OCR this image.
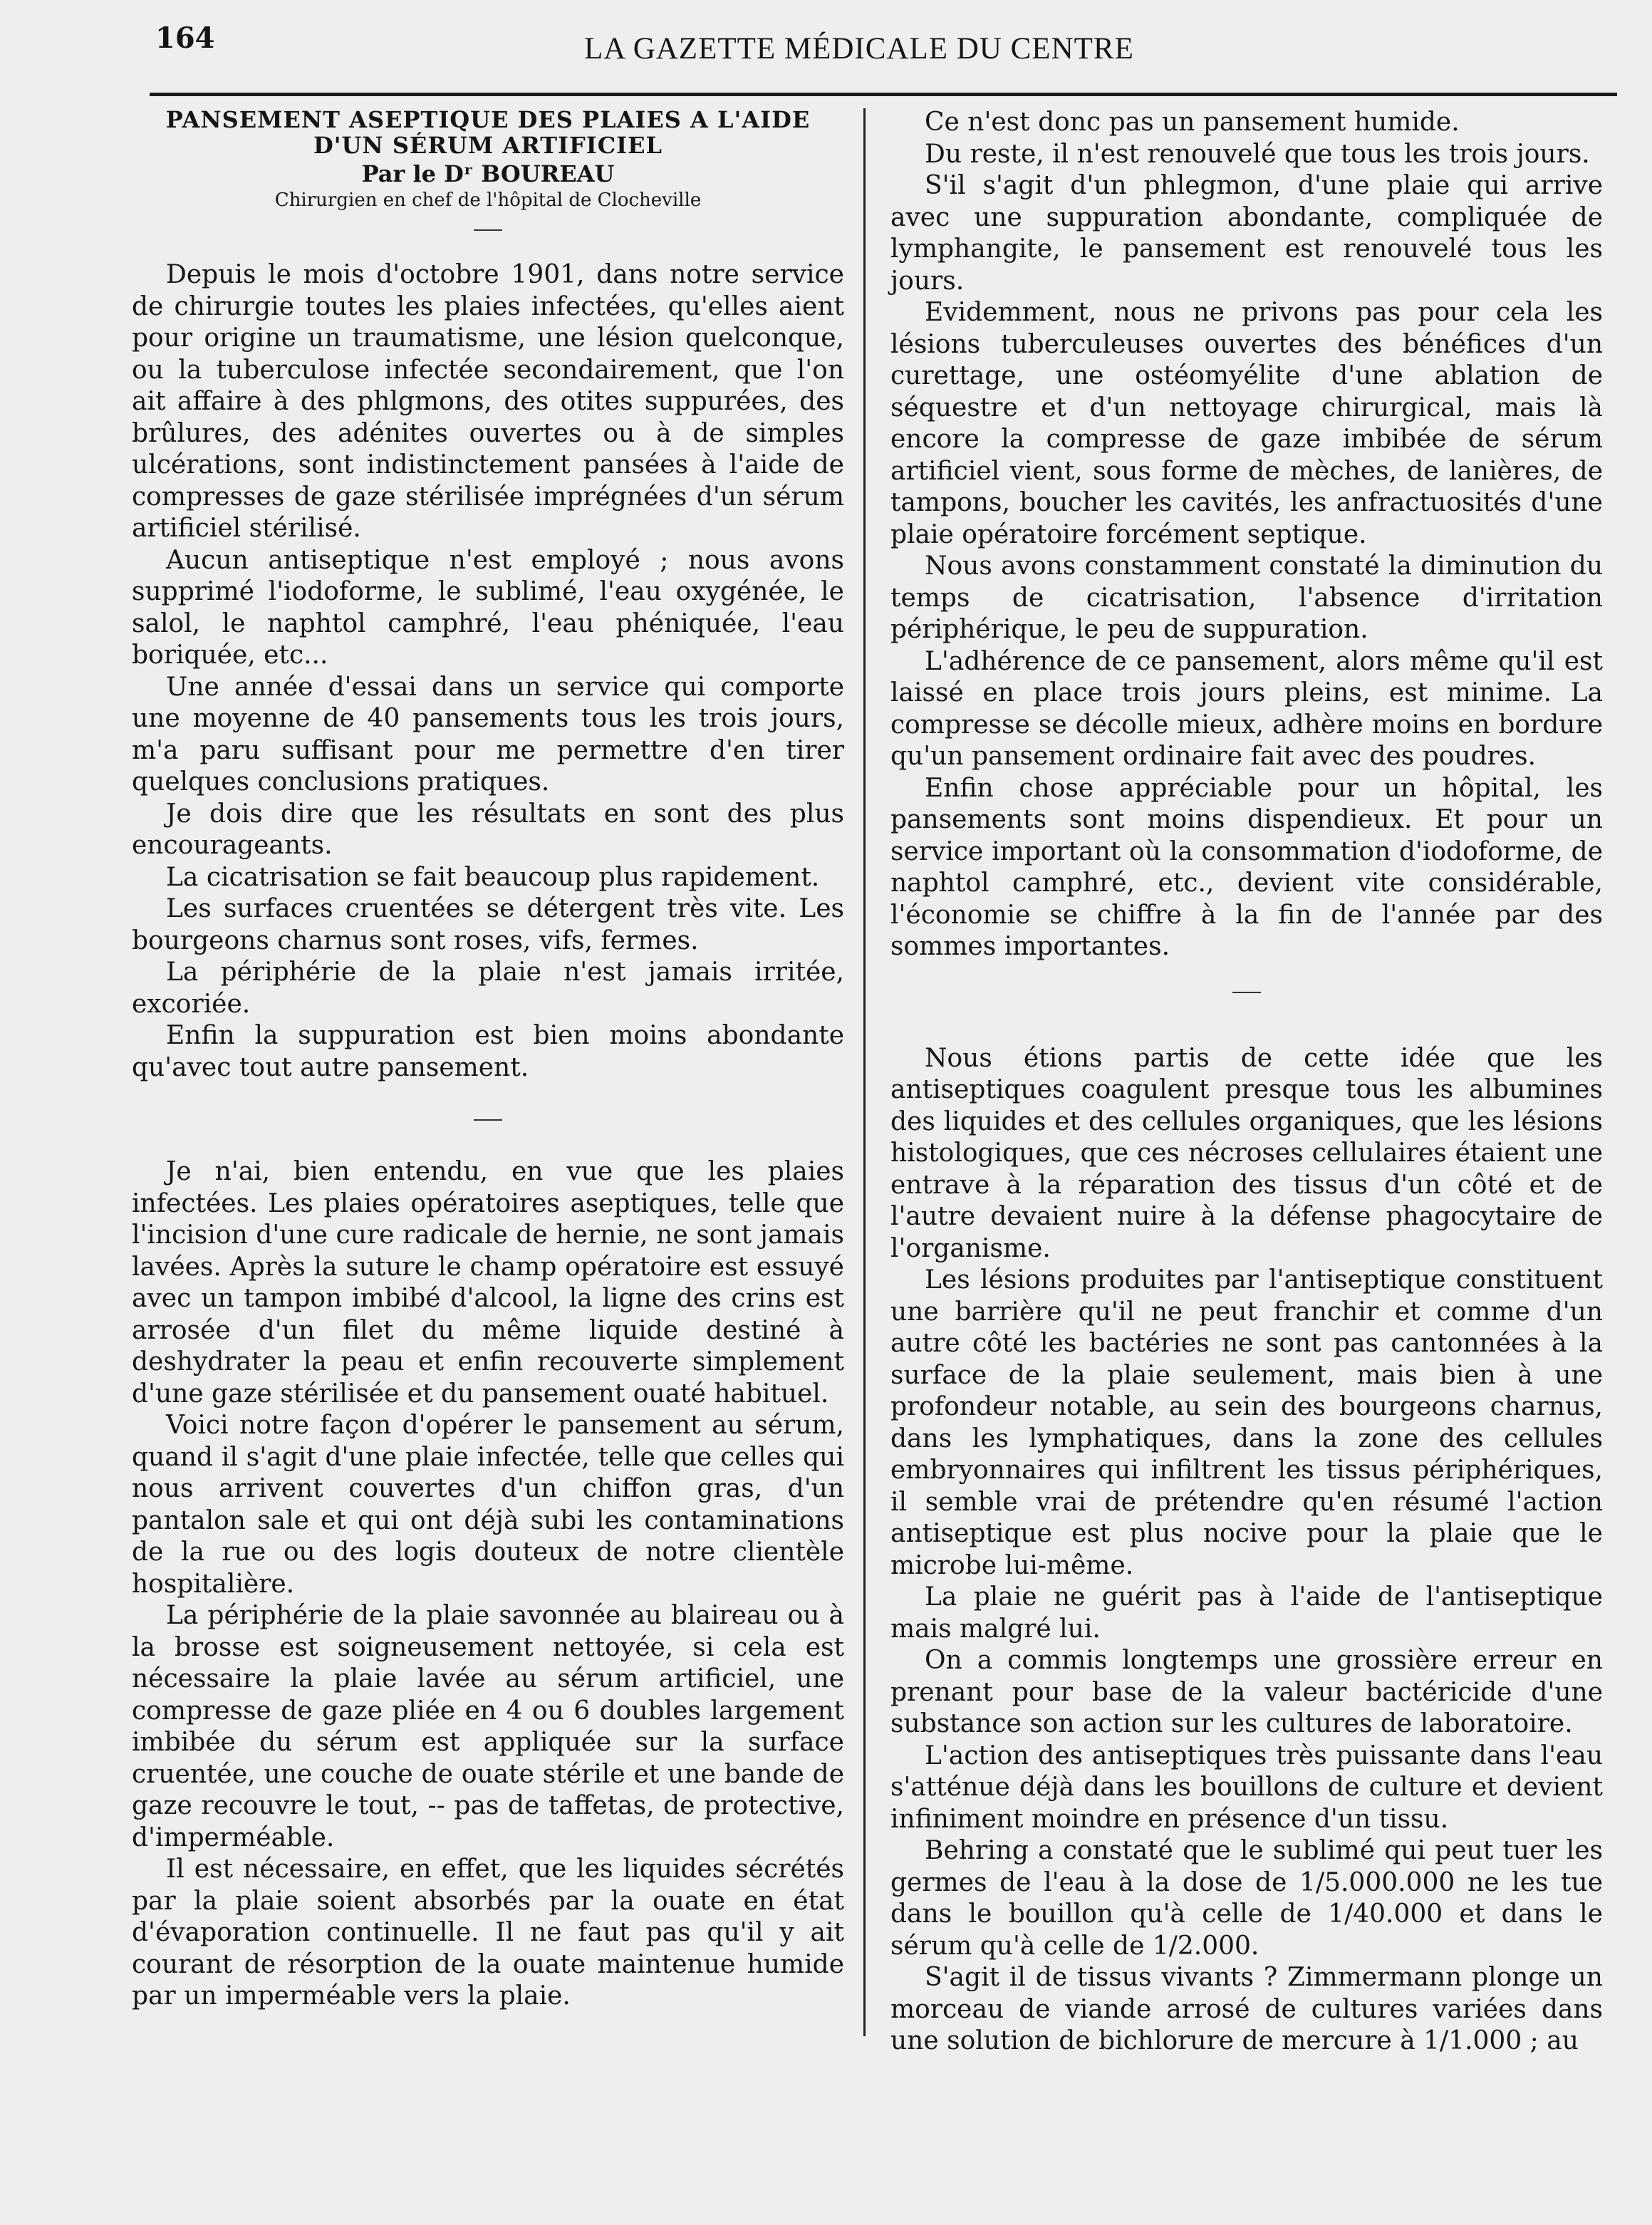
164	LA GAZETTE MÉDICALE DU CENTRE
PANSEMENT ASEPTIQUE DES PLAIES A L'AIDE D'UN SÉRUM ARTIFICIEL
Par le Dʳ BOUREAU
Chirurgien en chef de l'hôpital de Clocheville

Depuis le mois d'octobre 1901, dans notre service de chirurgie toutes les plaies infectées, qu'elles aient pour origine un traumatisme, une lésion quelconque, ou la tuberculose infectée secondairement, que l'on ait affaire à des phlgmons, des otites suppurées, des brûlures, des adénites ouvertes ou à de simples ulcérations, sont indistinctement pansées à l'aide de compresses de gaze stérilisée imprégnées d'un sérum artificiel stérilisé.

Aucun antiseptique n'est employé ; nous avons supprimé l'iodoforme, le sublimé, l'eau oxygénée, le salol, le naphtol camphré, l'eau phéniquée, l'eau boriquée, etc...

Une année d'essai dans un service qui comporte une moyenne de 40 pansements tous les trois jours, m'a paru suffisant pour me permettre d'en tirer quelques conclusions pratiques.

Je dois dire que les résultats en sont des plus encourageants.

La cicatrisation se fait beaucoup plus rapidement.

Les surfaces cruentées se détergent très vite. Les bourgeons charnus sont roses, vifs, fermes.

La périphérie de la plaie n'est jamais irritée, excoriée.

Enfin la suppuration est bien moins abondante qu'avec tout autre pansement.

Je n'ai, bien entendu, en vue que les plaies infectées. Les plaies opératoires aseptiques, telle que l'incision d'une cure radicale de hernie, ne sont jamais lavées. Après la suture le champ opératoire est essuyé avec un tampon imbibé d'alcool, la ligne des crins est arrosée d'un filet du même liquide destiné à deshydrater la peau et enfin recouverte simplement d'une gaze stérilisée et du pansement ouaté habituel.

Voici notre façon d'opérer le pansement au sérum, quand il s'agit d'une plaie infectée, telle que celles qui nous arrivent couvertes d'un chiffon gras, d'un pantalon sale et qui ont déjà subi les contaminations de la rue ou des logis douteux de notre clientèle hospitalière.

La périphérie de la plaie savonnée au blaireau ou à la brosse est soigneusement nettoyée, si cela est nécessaire la plaie lavée au sérum artificiel, une compresse de gaze pliée en 4 ou 6 doubles largement imbibée du sérum est appliquée sur la surface cruentée, une couche de ouate stérile et une bande de gaze recouvre le tout, -- pas de taffetas, de protective, d'imperméable.

Il est nécessaire, en effet, que les liquides sécrétés par la plaie soient absorbés par la ouate en état d'évaporation continuelle. Il ne faut pas qu'il y ait courant de résorption de la ouate maintenue humide par un imperméable vers la plaie.

Ce n'est donc pas un pansement humide.

Du reste, il n'est renouvelé que tous les trois jours.

S'il s'agit d'un phlegmon, d'une plaie qui arrive avec une suppuration abondante, compliquée de lymphangite, le pansement est renouvelé tous les jours.

Evidemment, nous ne privons pas pour cela les lésions tuberculeuses ouvertes des bénéfices d'un curettage, une ostéomyélite d'une ablation de séquestre et d'un nettoyage chirurgical, mais là encore la compresse de gaze imbibée de sérum artificiel vient, sous forme de mèches, de lanières, de tampons, boucher les cavités, les anfractuosités d'une plaie opératoire forcément septique.

Nous avons constamment constaté la diminution du temps de cicatrisation, l'absence d'irritation périphérique, le peu de suppuration.

L'adhérence de ce pansement, alors même qu'il est laissé en place trois jours pleins, est minime. La compresse se décolle mieux, adhère moins en bordure qu'un pansement ordinaire fait avec des poudres.

Enfin chose appréciable pour un hôpital, les pansements sont moins dispendieux. Et pour un service important où la consommation d'iodoforme, de naphtol camphré, etc., devient vite considérable, l'économie se chiffre à la fin de l'année par des sommes importantes.

Nous étions partis de cette idée que les antiseptiques coagulent presque tous les albumines des liquides et des cellules organiques, que les lésions histologiques, que ces nécroses cellulaires étaient une entrave à la réparation des tissus d'un côté et de l'autre devaient nuire à la défense phagocytaire de l'organisme.

Les lésions produites par l'antiseptique constituent une barrière qu'il ne peut franchir et comme d'un autre côté les bactéries ne sont pas cantonnées à la surface de la plaie seulement, mais bien à une profondeur notable, au sein des bourgeons charnus, dans les lymphatiques, dans la zone des cellules embryonnaires qui infiltrent les tissus périphériques, il semble vrai de prétendre qu'en résumé l'action antiseptique est plus nocive pour la plaie que le microbe lui-même.

La plaie ne guérit pas à l'aide de l'antiseptique mais malgré lui.

On a commis longtemps une grossière erreur en prenant pour base de la valeur bactéricide d'une substance son action sur les cultures de laboratoire.

L'action des antiseptiques très puissante dans l'eau s'atténue déjà dans les bouillons de culture et devient infiniment moindre en présence d'un tissu.

Behring a constaté que le sublimé qui peut tuer les germes de l'eau à la dose de 1/5.000.000 ne les tue dans le bouillon qu'à celle de 1/40.000 et dans le sérum qu'à celle de 1/2.000.

S'agit il de tissus vivants ? Zimmermann plonge un morceau de viande arrosé de cultures variées dans une solution de bichlorure de mercure à 1/1.000 ; au
